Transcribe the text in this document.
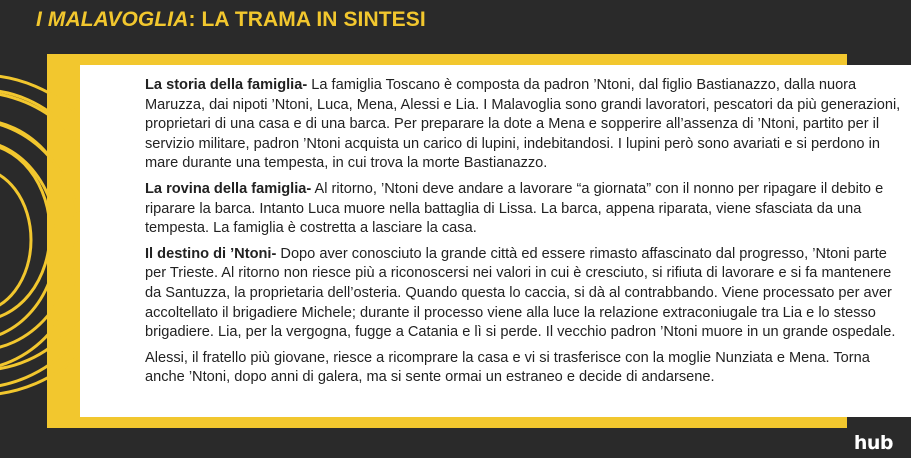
I MALAVOGLIA: LA TRAMA IN SINTESI

La storia della famiglia- La famiglia Toscano è composta da padron ’Ntoni, dal figlio Bastianazzo, dalla nuora Maruzza, dai nipoti ’Ntoni, Luca, Mena, Alessi e Lia. I Malavoglia sono grandi lavoratori, pescatori da più generazioni, proprietari di una casa e di una barca. Per preparare la dote a Mena e sopperire all’assenza di ’Ntoni, partito per il servizio militare, padron ’Ntoni acquista un carico di lupini, indebitandosi. I lupini però sono avariati e si perdono in mare durante una tempesta, in cui trova la morte Bastianazzo.

La rovina della famiglia- Al ritorno, ’Ntoni deve andare a lavorare “a giornata” con il nonno per ripagare il debito e riparare la barca. Intanto Luca muore nella battaglia di Lissa. La barca, appena riparata, viene sfasciata da una tempesta. La famiglia è costretta a lasciare la casa.

Il destino di ’Ntoni- Dopo aver conosciuto la grande città ed essere rimasto affascinato dal progresso, ’Ntoni parte per Trieste. Al ritorno non riesce più a riconoscersi nei valori in cui è cresciuto, si rifiuta di lavorare e si fa mantenere da Santuzza, la proprietaria dell’osteria. Quando questa lo caccia, si dà al contrabbando. Viene processato per aver accoltellato il brigadiere Michele; durante il processo viene alla luce la relazione extraconiugale tra Lia e lo stesso brigadiere. Lia, per la vergogna, fugge a Catania e lì si perde. Il vecchio padron ’Ntoni muore in un grande ospedale.

Alessi, il fratello più giovane, riesce a ricomprare la casa e vi si trasferisce con la moglie Nunziata e Mena. Torna anche ’Ntoni, dopo anni di galera, ma si sente ormai un estraneo e decide di andarsene.

hub
